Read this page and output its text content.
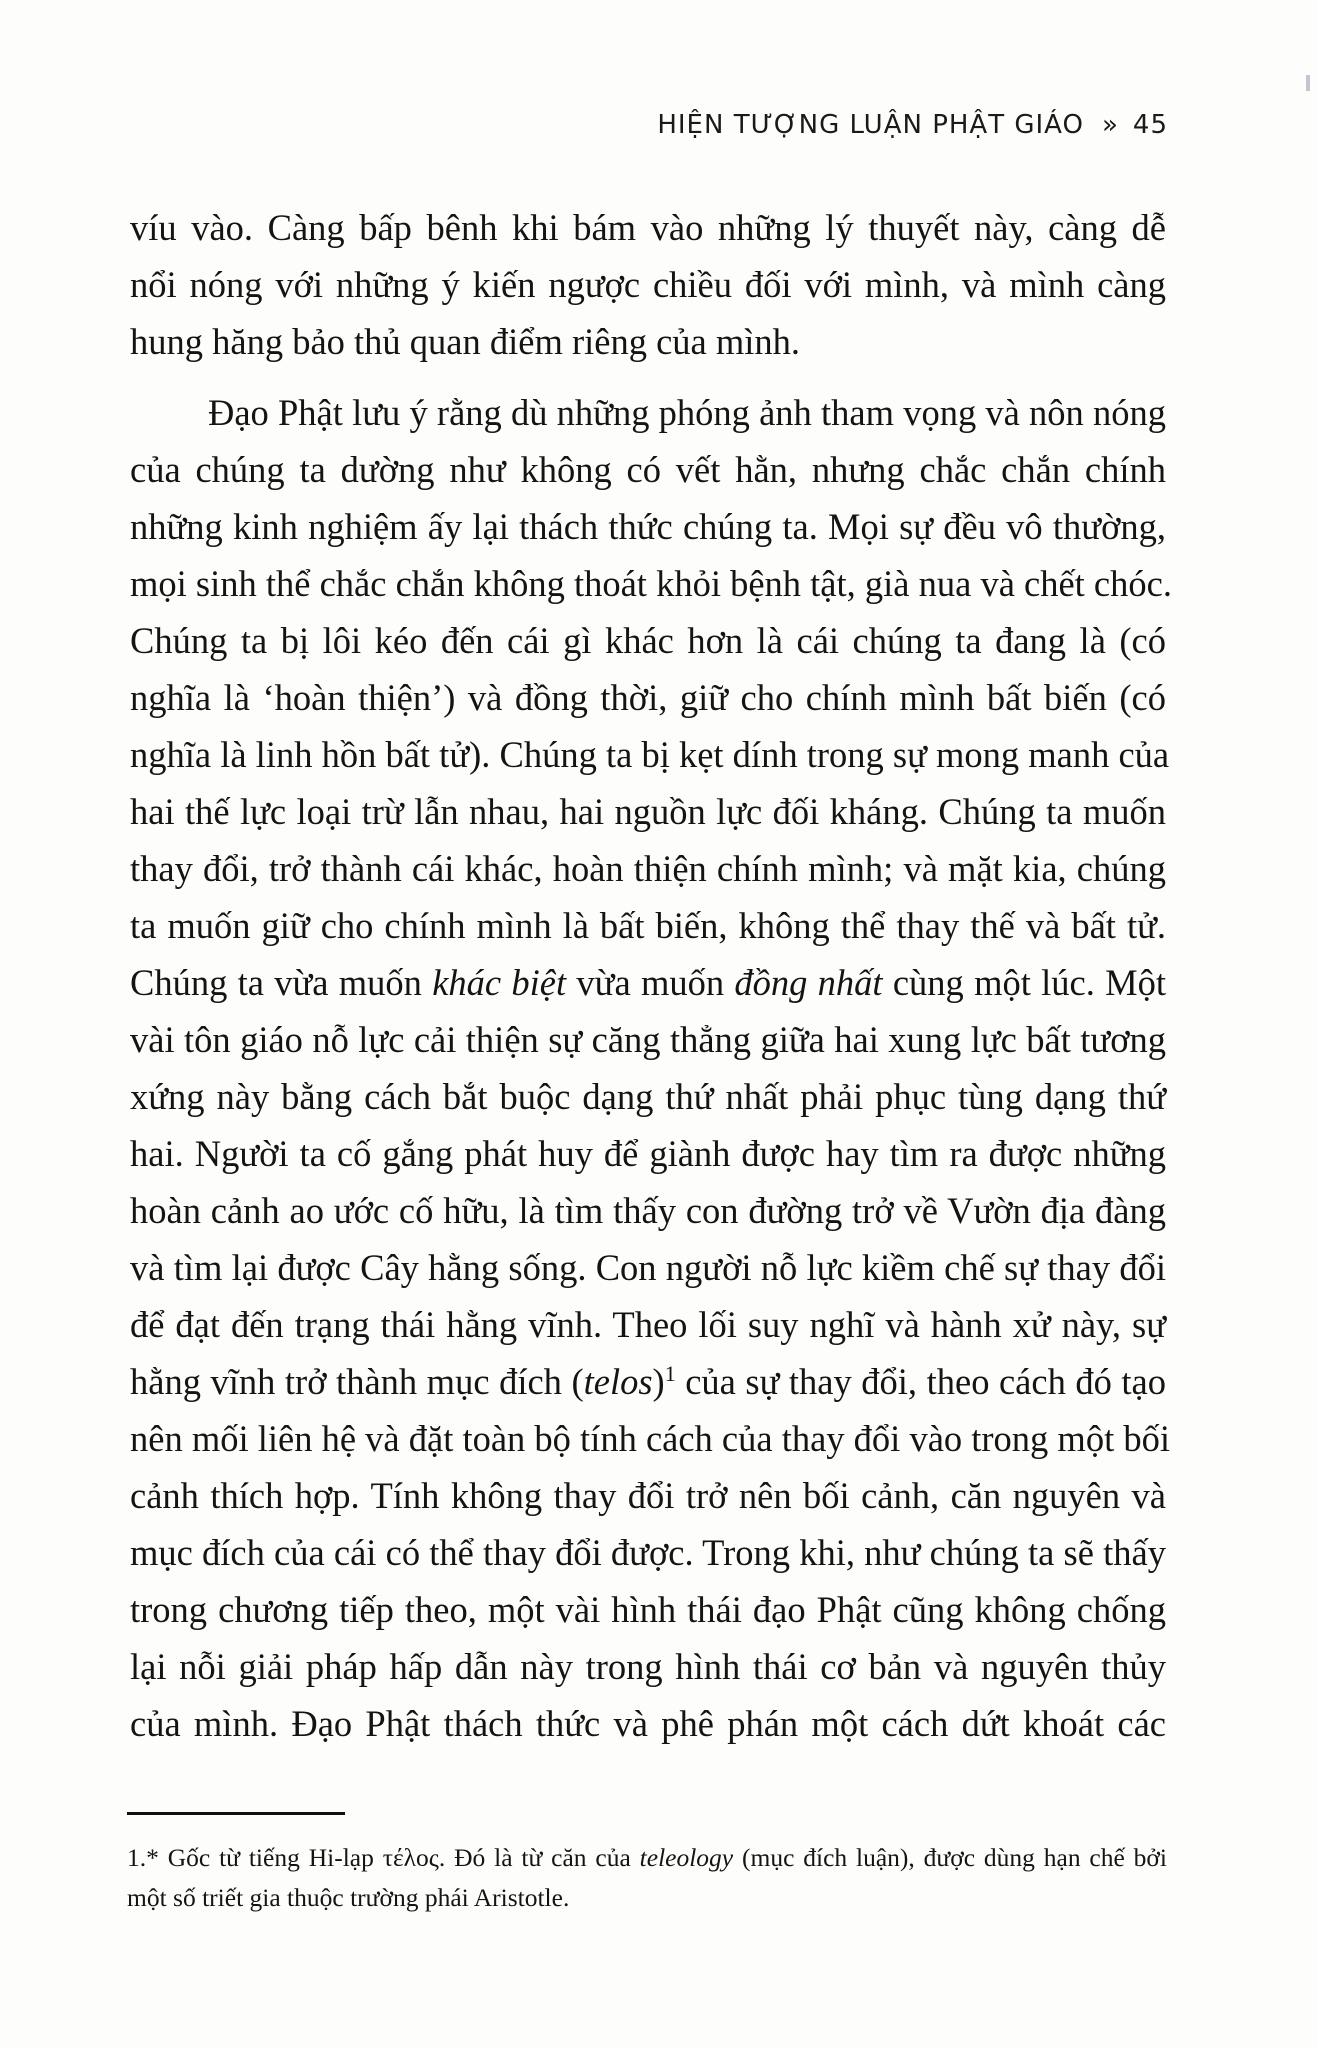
HIỆN TƯỢNG LUẬN PHẬT GIÁO » 45
víu vào. Càng bấp bênh khi bám vào những lý thuyết này, càng dễ
nổi nóng với những ý kiến ngược chiều đối với mình, và mình càng
hung hăng bảo thủ quan điểm riêng của mình.
Đạo Phật lưu ý rằng dù những phóng ảnh tham vọng và nôn nóng
của chúng ta dường như không có vết hằn, nhưng chắc chắn chính
những kinh nghiệm ấy lại thách thức chúng ta. Mọi sự đều vô thường,
mọi sinh thể chắc chắn không thoát khỏi bệnh tật, già nua và chết chóc.
Chúng ta bị lôi kéo đến cái gì khác hơn là cái chúng ta đang là (có
nghĩa là ‘hoàn thiện’) và đồng thời, giữ cho chính mình bất biến (có
nghĩa là linh hồn bất tử). Chúng ta bị kẹt dính trong sự mong manh của
hai thế lực loại trừ lẫn nhau, hai nguồn lực đối kháng. Chúng ta muốn
thay đổi, trở thành cái khác, hoàn thiện chính mình; và mặt kia, chúng
ta muốn giữ cho chính mình là bất biến, không thể thay thế và bất tử.
Chúng ta vừa muốn khác biệt vừa muốn đồng nhất cùng một lúc. Một
vài tôn giáo nỗ lực cải thiện sự căng thẳng giữa hai xung lực bất tương
xứng này bằng cách bắt buộc dạng thứ nhất phải phục tùng dạng thứ
hai. Người ta cố gắng phát huy để giành được hay tìm ra được những
hoàn cảnh ao ước cố hữu, là tìm thấy con đường trở về Vườn địa đàng
và tìm lại được Cây hằng sống. Con người nỗ lực kiềm chế sự thay đổi
để đạt đến trạng thái hằng vĩnh. Theo lối suy nghĩ và hành xử này, sự
hằng vĩnh trở thành mục đích (telos)$^1$ của sự thay đổi, theo cách đó tạo
nên mối liên hệ và đặt toàn bộ tính cách của thay đổi vào trong một bối
cảnh thích hợp. Tính không thay đổi trở nên bối cảnh, căn nguyên và
mục đích của cái có thể thay đổi được. Trong khi, như chúng ta sẽ thấy
trong chương tiếp theo, một vài hình thái đạo Phật cũng không chống
lại nỗi giải pháp hấp dẫn này trong hình thái cơ bản và nguyên thủy
của mình. Đạo Phật thách thức và phê phán một cách dứt khoát các
1.* Gốc từ tiếng Hi-lạp τέλος. Đó là từ căn của teleology (mục đích luận), được dùng hạn chế bởi
một số triết gia thuộc trường phái Aristotle.
